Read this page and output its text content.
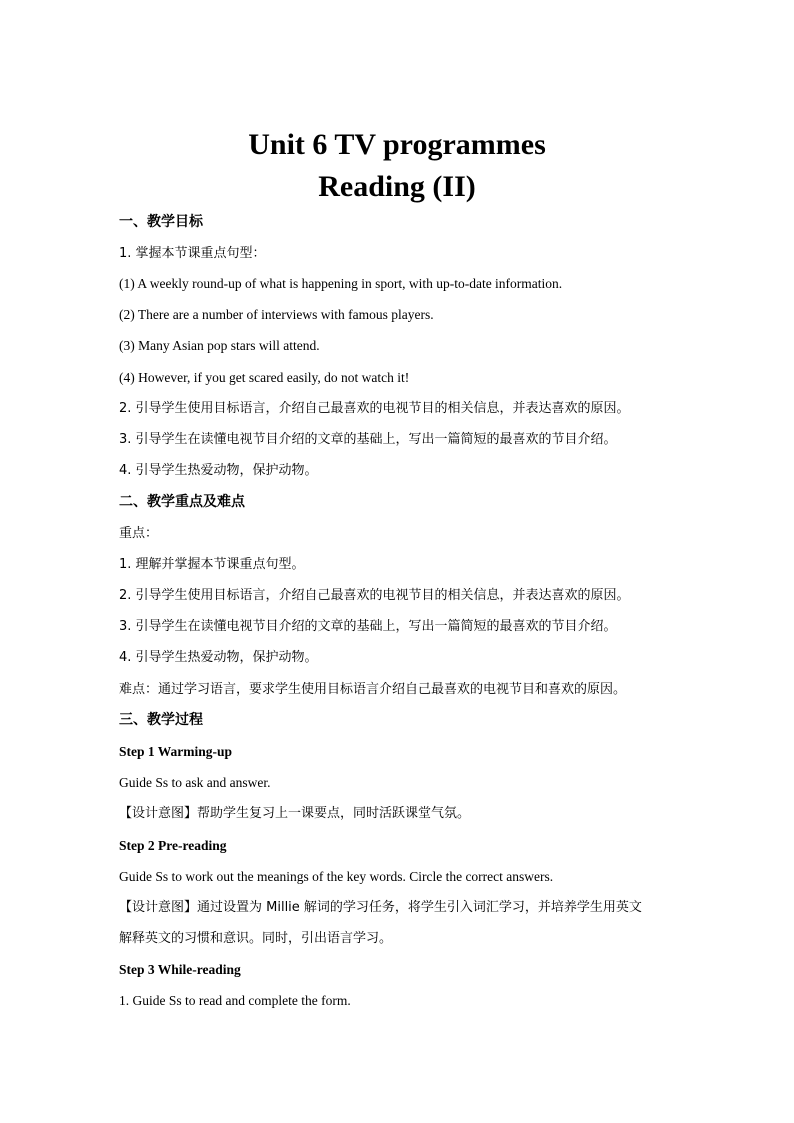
Unit 6 TV programmes
Reading (II)
一、教学目标
1. 掌握本节课重点句型：
(1) A weekly round-up of what is happening in sport, with up-to-date information.
(2) There are a number of interviews with famous players.
(3) Many Asian pop stars will attend.
(4) However, if you get scared easily, do not watch it!
2. 引导学生使用目标语言，介绍自己最喜欢的电视节目的相关信息，并表达喜欢的原因。
3. 引导学生在读懂电视节目介绍的文章的基础上，写出一篇简短的最喜欢的节目介绍。
4. 引导学生热爱动物，保护动物。
二、教学重点及难点
重点：
1. 理解并掌握本节课重点句型。
2. 引导学生使用目标语言，介绍自己最喜欢的电视节目的相关信息，并表达喜欢的原因。
3. 引导学生在读懂电视节目介绍的文章的基础上，写出一篇简短的最喜欢的节目介绍。
4. 引导学生热爱动物，保护动物。
难点：通过学习语言，要求学生使用目标语言介绍自己最喜欢的电视节目和喜欢的原因。
三、教学过程
Step 1 Warming-up
Guide Ss to ask and answer.
【设计意图】帮助学生复习上一课要点，同时活跃课堂气氛。
Step 2 Pre-reading
Guide Ss to work out the meanings of the key words. Circle the correct answers.
【设计意图】通过设置为 Millie 解词的学习任务，将学生引入词汇学习，并培养学生用英文
解释英文的习惯和意识。同时，引出语言学习。
Step 3 While-reading
1. Guide Ss to read and complete the form.
